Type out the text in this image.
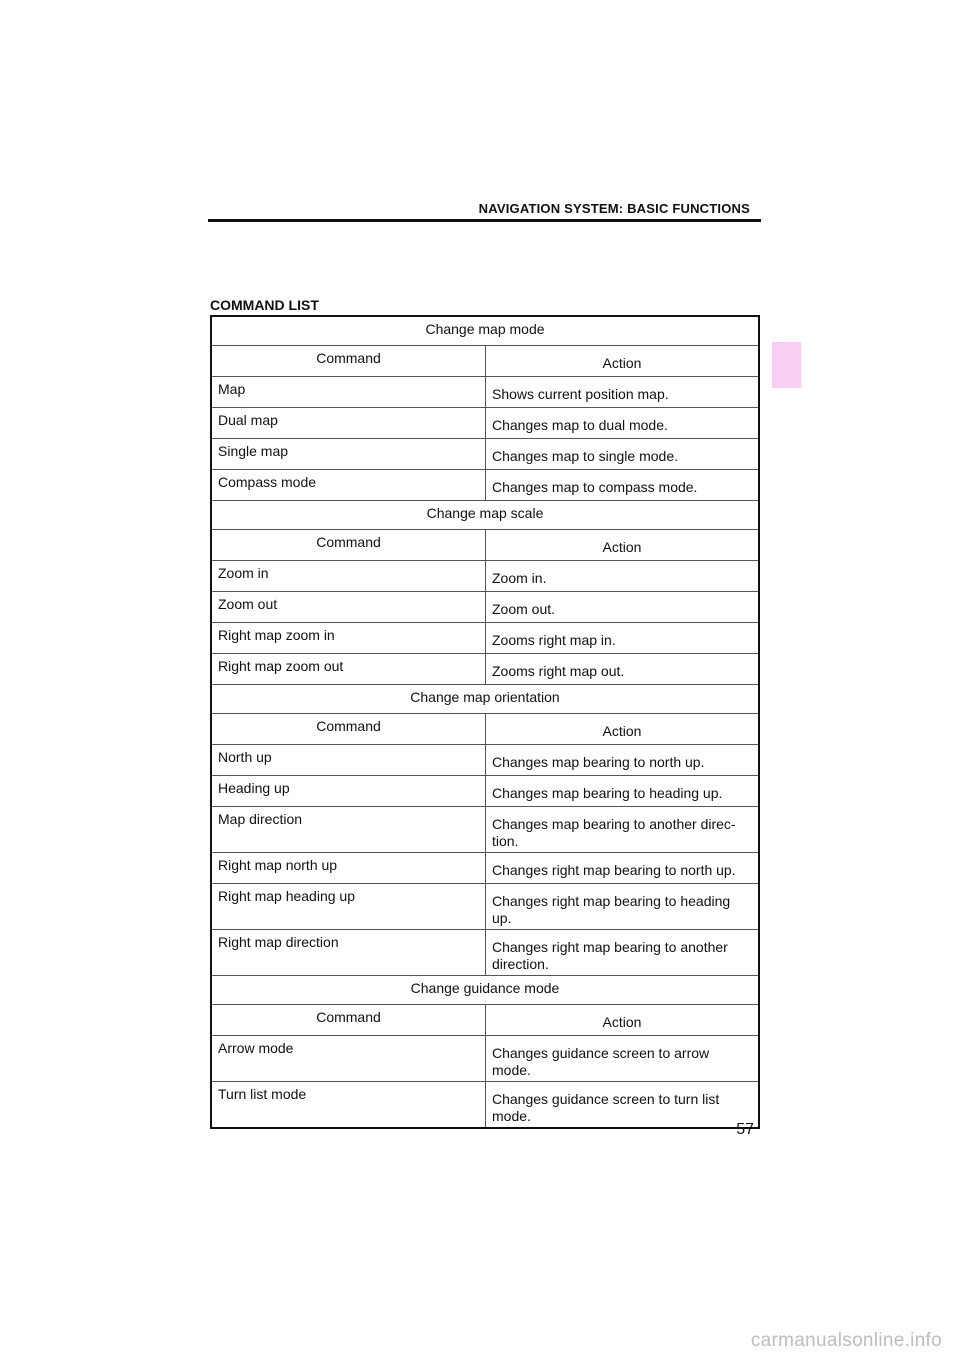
NAVIGATION SYSTEM: BASIC FUNCTIONS
COMMAND LIST
Change map mode	
Command	Action
Map	Shows current position map.
Dual map	Changes map to dual mode.
Single map	Changes map to single mode.
Compass mode	Changes map to compass mode.
Change map scale	
Command	Action
Zoom in	Zoom in.
Zoom out	Zoom out.
Right map zoom in	Zooms right map in.
Right map zoom out	Zooms right map out.
Change map orientation	
Command	Action
North up	Changes map bearing to north up.
Heading up	Changes map bearing to heading up.
Map direction	Changes map bearing to another direc-
tion.
Right map north up	Changes right map bearing to north up.
Right map heading up	Changes right map bearing to heading
up.
Right map direction	Changes right map bearing to another
direction.
Change guidance mode	
Command	Action
Arrow mode	Changes guidance screen to arrow
mode.
Turn list mode	Changes guidance screen to turn list
mode.
57
carmanualsonline.info
